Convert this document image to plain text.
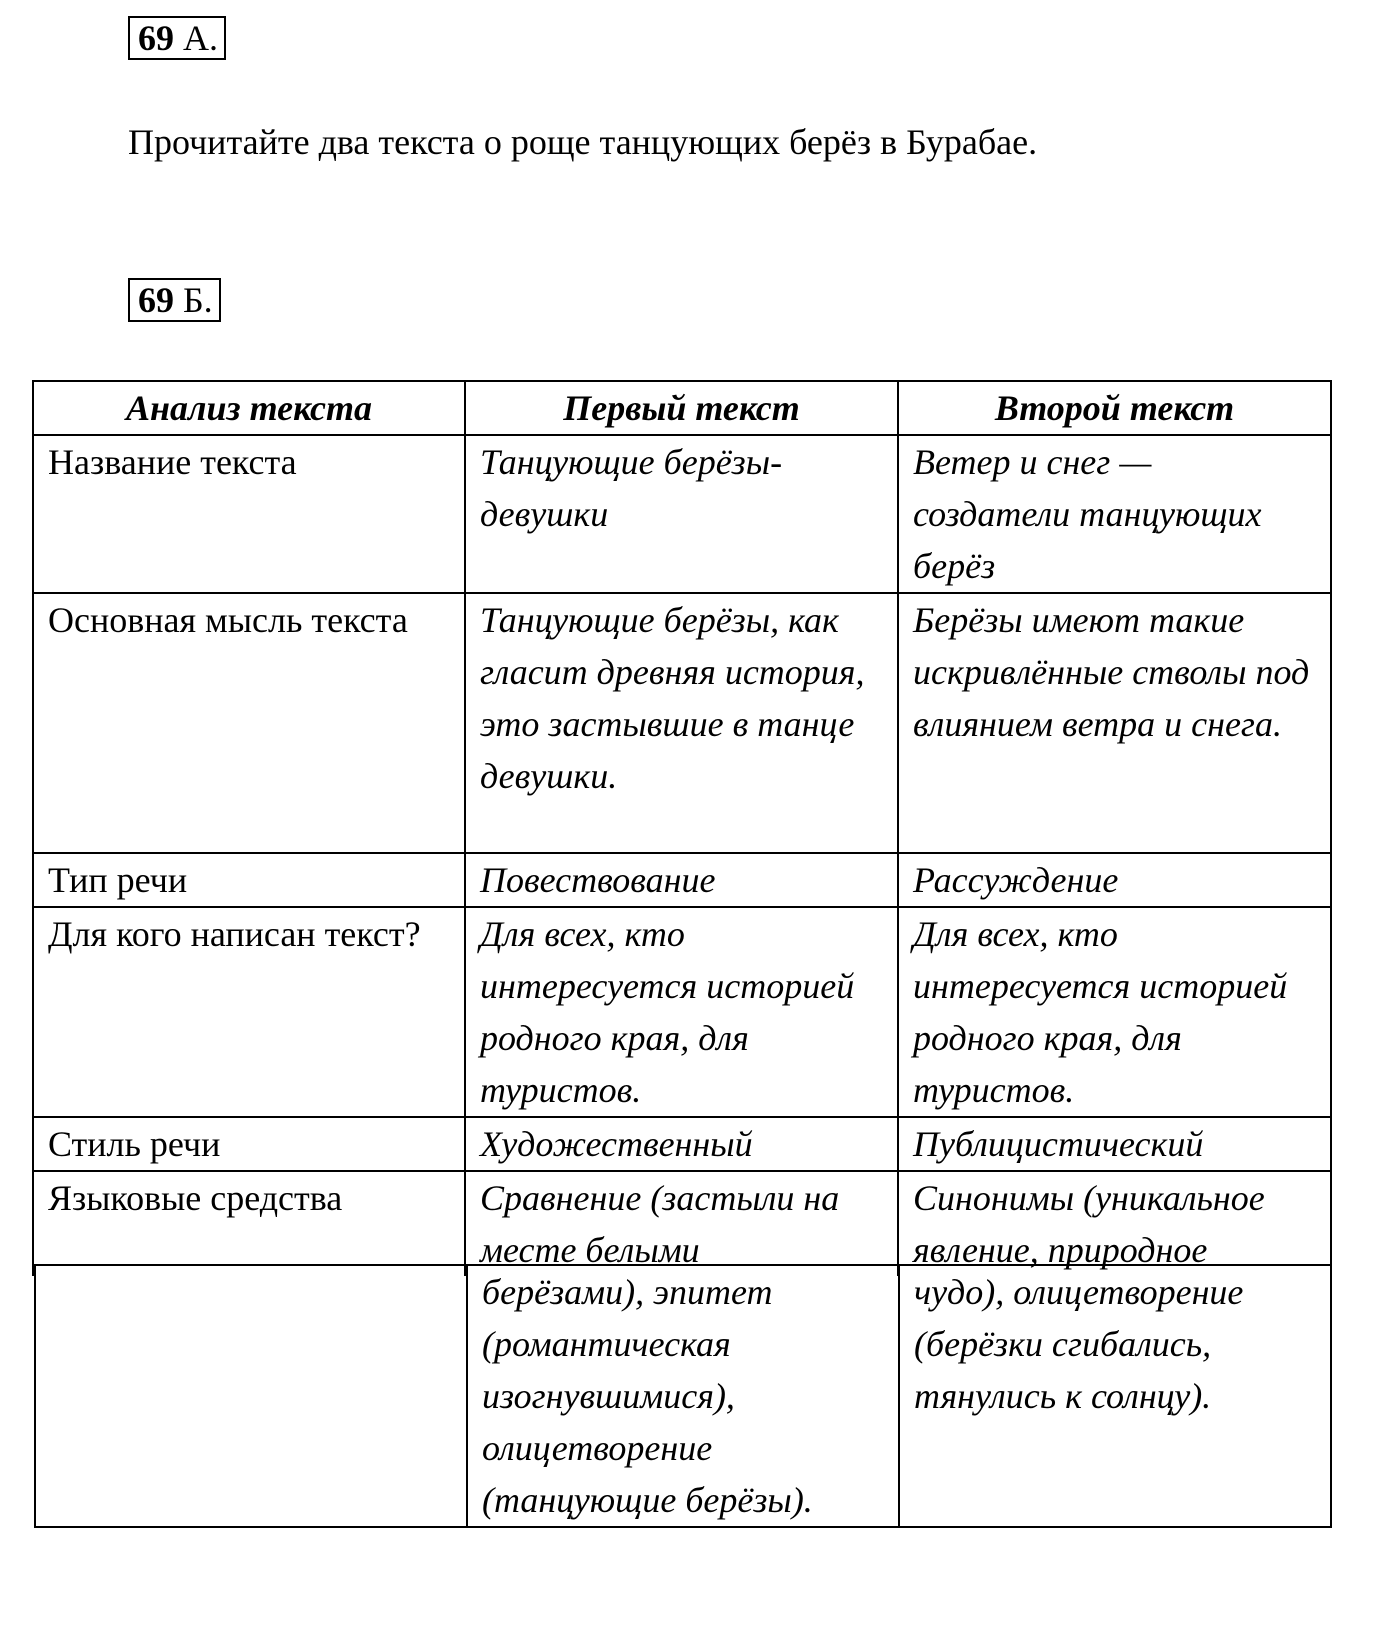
69 А.
Прочитайте два текста о роще танцующих берёз в Бурабае.
69 Б.
Анализ текста	Первый текст	Второй текст
Название текста	Танцующие берёзы-девушки	Ветер и снег — создатели танцующих берёз
Основная мысль текста	Танцующие берёзы, как гласит древняя история, это застывшие в танце девушки.	Берёзы имеют такие искривлённые стволы под влиянием ветра и снега.
Тип речи	Повествование	Рассуждение
Для кого написан текст?	Для всех, кто интересуется историей родного края, для туристов.	Для всех, кто интересуется историей родного края, для туристов.
Стиль речи	Художественный	Публицистический
Языковые средства	Сравнение (застыли на месте белыми	Синонимы (уникальное явление, природное
	берёзами), эпитет (романтическая изогнувшимися), олицетворение (танцующие берёзы).	чудо), олицетворение (берёзки сгибались, тянулись к солнцу).
